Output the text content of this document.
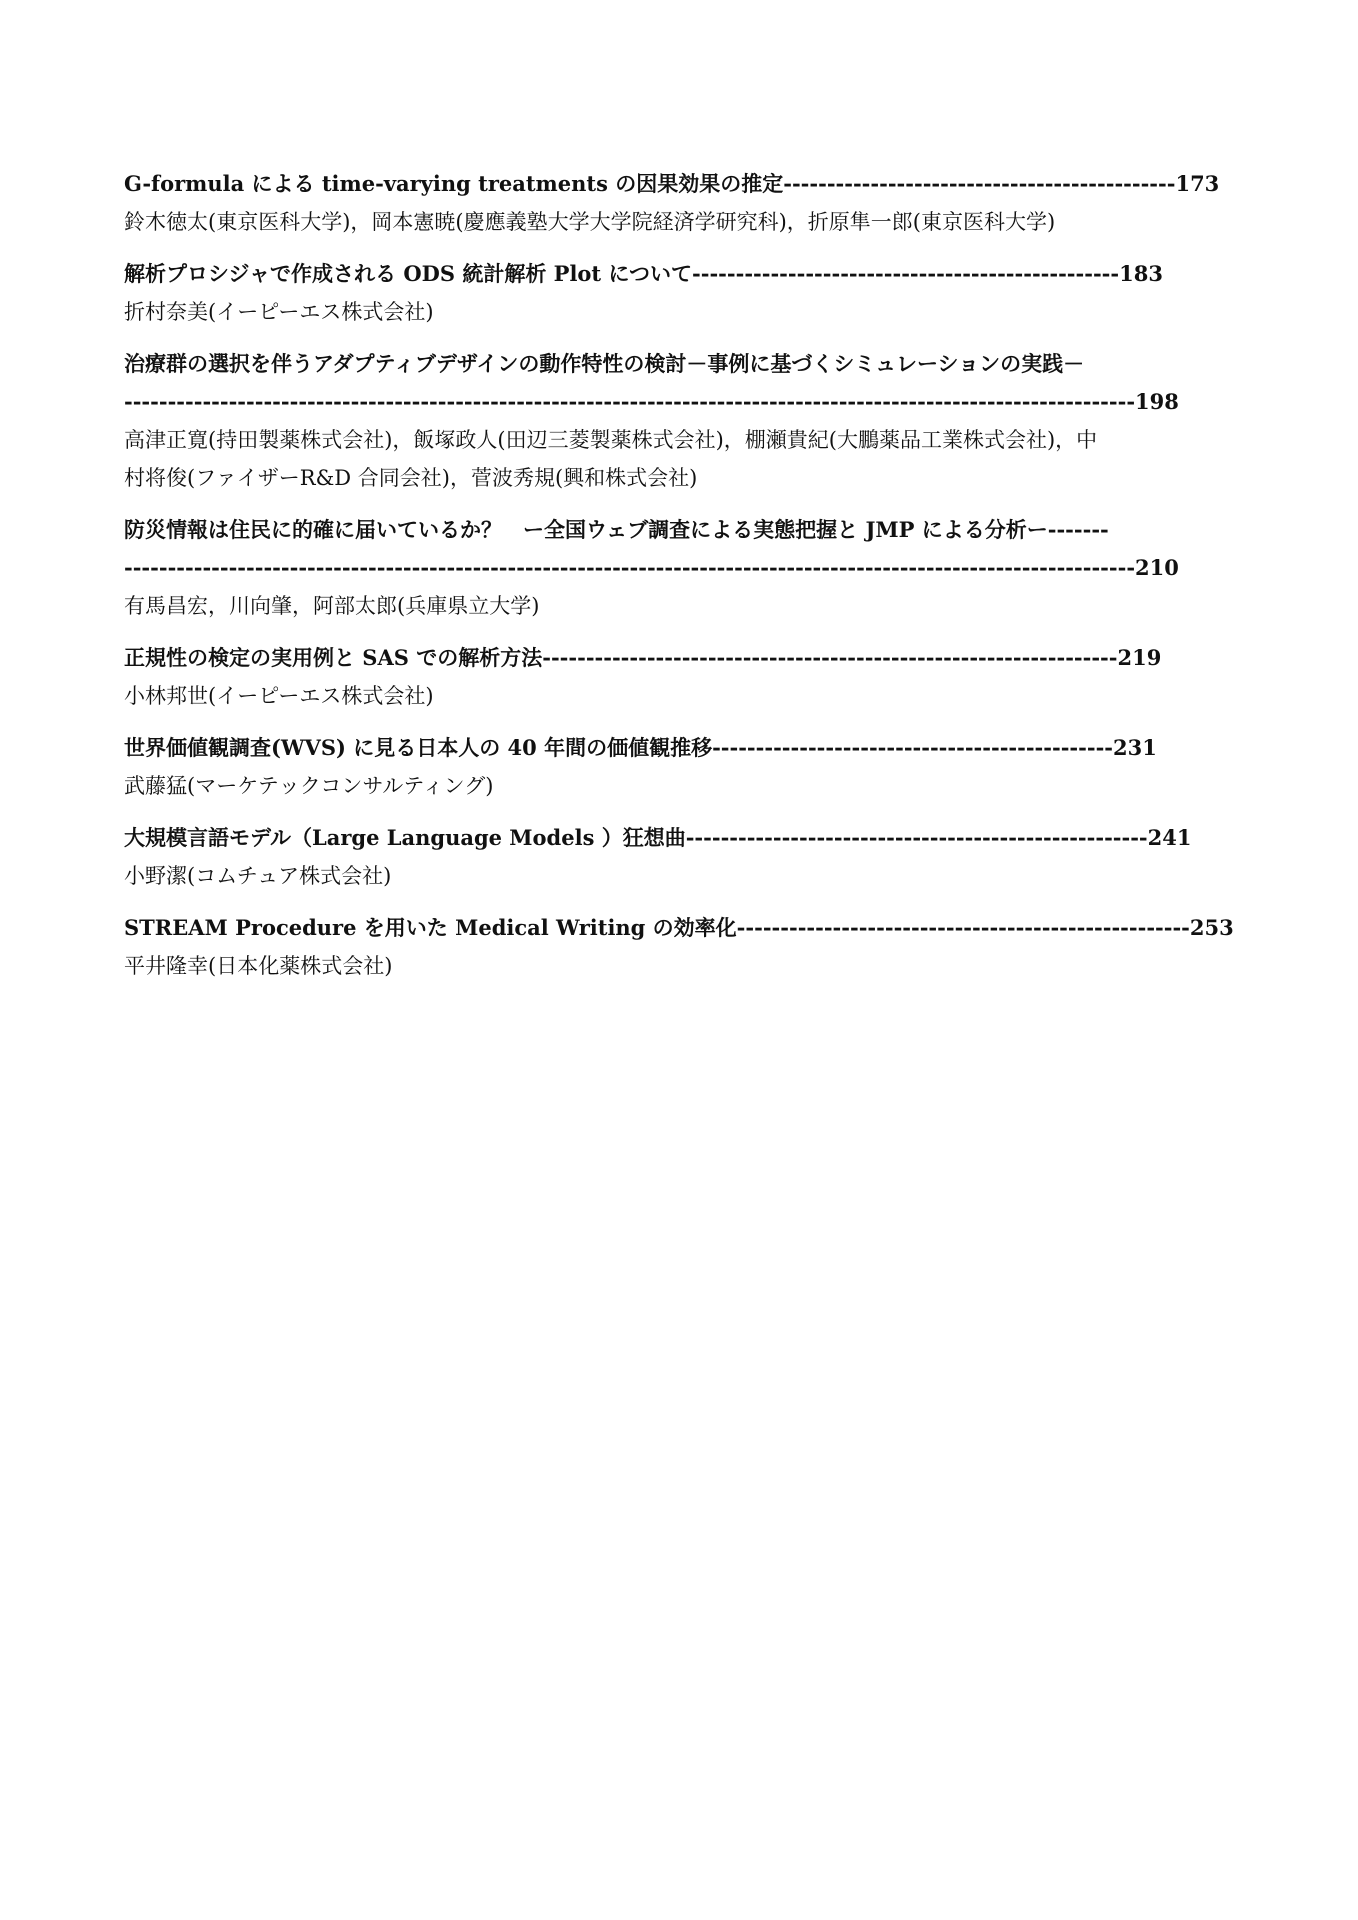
G-formula による time-varying treatments の因果効果の推定---------------------------------------------173
鈴木徳太(東京医科大学)，岡本憲暁(慶應義塾大学大学院経済学研究科)，折原隼一郎(東京医科大学)
解析プロシジャで作成される ODS 統計解析 Plot について-------------------------------------------------183
折村奈美(イーピーエス株式会社)
治療群の選択を伴うアダプティブデザインの動作特性の検討－事例に基づくシミュレーションの実践－
--------------------------------------------------------------------------------------------------------------------198
高津正寛(持田製薬株式会社)，飯塚政人(田辺三菱製薬株式会社)，棚瀬貴紀(大鵬薬品工業株式会社)，中
村将俊(ファイザーR&D 合同会社)，菅波秀規(興和株式会社)
防災情報は住民に的確に届いているか？　ー全国ウェブ調査による実態把握と JMP による分析ー-------
--------------------------------------------------------------------------------------------------------------------210
有馬昌宏，川向肇，阿部太郎(兵庫県立大学)
正規性の検定の実用例と SAS での解析方法------------------------------------------------------------------219
小林邦世(イーピーエス株式会社)
世界価値観調査(WVS) に見る日本人の 40 年間の価値観推移----------------------------------------------231
武藤猛(マーケテックコンサルティング)
大規模言語モデル（Large Language Models ）狂想曲-----------------------------------------------------241
小野潔(コムチュア株式会社)
STREAM Procedure を用いた Medical Writing の効率化----------------------------------------------------253
平井隆幸(日本化薬株式会社)
